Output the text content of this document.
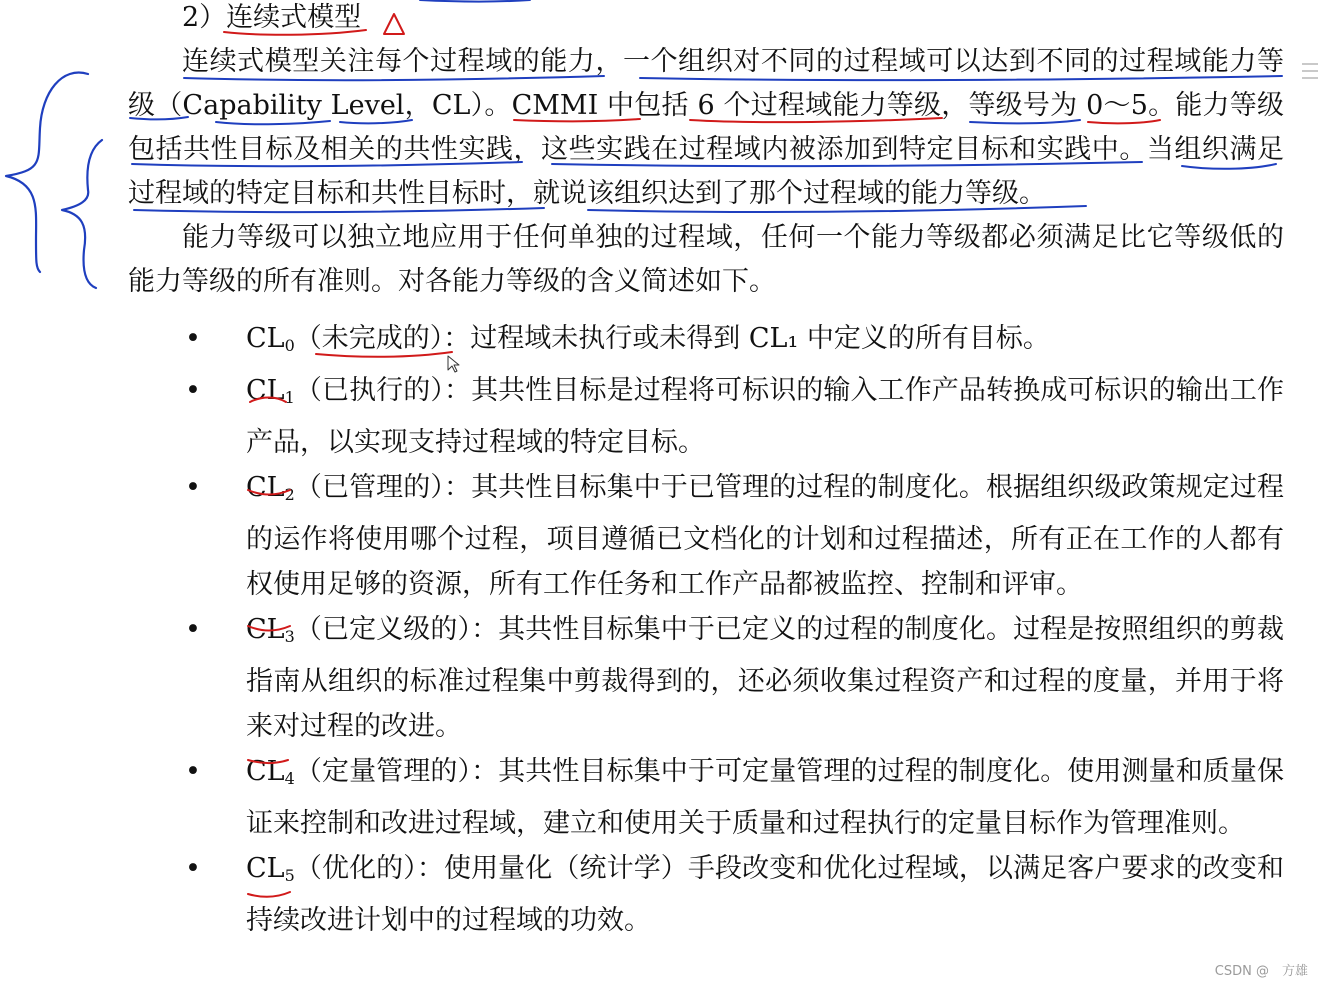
2）连续式模型

连续式模型关注每个过程域的能力，一个组织对不同的过程域可以达到不同的过程域能力等级（Capability Level，CL）。CMMI 中包括 6 个过程域能力等级，等级号为 0～5。能力等级包括共性目标及相关的共性实践，这些实践在过程域内被添加到特定目标和实践中。当组织满足过程域的特定目标和共性目标时，就说该组织达到了那个过程域的能力等级。

能力等级可以独立地应用于任何单独的过程域，任何一个能力等级都必须满足比它等级低的能力等级的所有准则。对各能力等级的含义简述如下。

• $CL_0$（未完成的）：过程域未执行或未得到 CL₁ 中定义的所有目标。
• $CL_1$（已执行的）：其共性目标是过程将可标识的输入工作产品转换成可标识的输出工作产品，以实现支持过程域的特定目标。
• $CL_2$（已管理的）：其共性目标集中于已管理的过程的制度化。根据组织级政策规定过程的运作将使用哪个过程，项目遵循已文档化的计划和过程描述，所有正在工作的人都有权使用足够的资源，所有工作任务和工作产品都被监控、控制和评审。
• $CL_3$（已定义级的）：其共性目标集中于已定义的过程的制度化。过程是按照组织的剪裁指南从组织的标准过程集中剪裁得到的，还必须收集过程资产和过程的度量，并用于将来对过程的改进。
• $CL_4$（定量管理的）：其共性目标集中于可定量管理的过程的制度化。使用测量和质量保证来控制和改进过程域，建立和使用关于质量和过程执行的定量目标作为管理准则。
• $CL_5$（优化的）：使用量化（统计学）手段改变和优化过程域，以满足客户要求的改变和持续改进计划中的过程域的功效。
CSDN @　方雄
